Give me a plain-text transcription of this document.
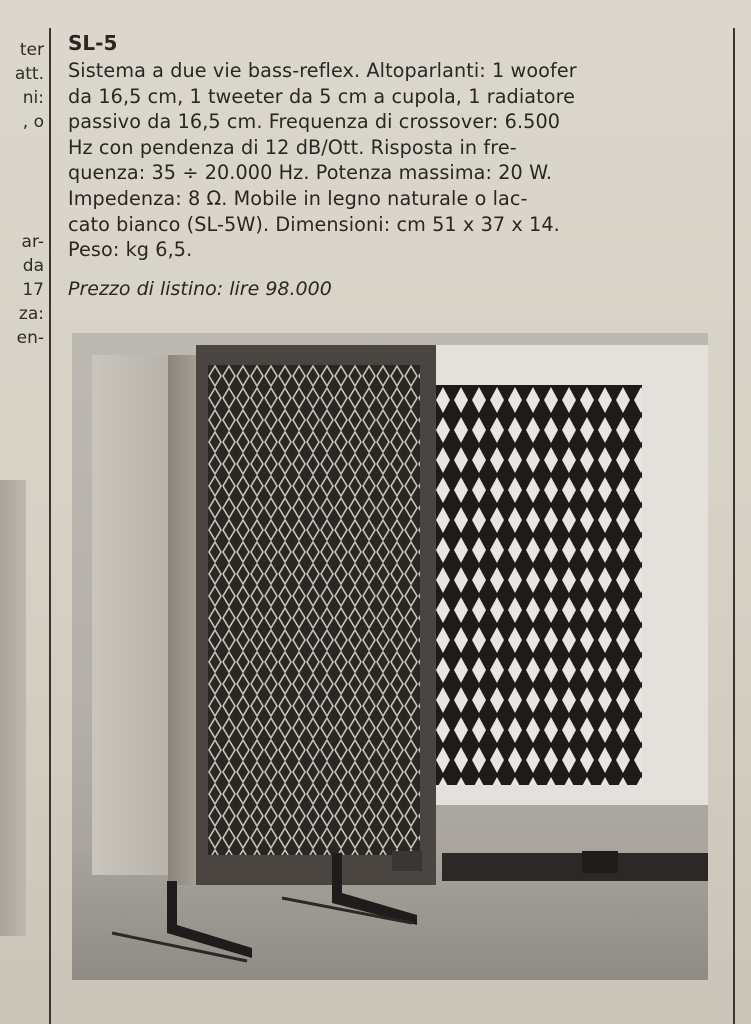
ter
att.
ni:
, o

ar-
da
17
za:
en-
SL-5
Sistema a due vie bass-reflex. Altoparlanti: 1 woofer
da 16,5 cm, 1 tweeter da 5 cm a cupola, 1 radiatore
passivo da 16,5 cm. Frequenza di crossover: 6.500
Hz con pendenza di 12 dB/Ott. Risposta in fre-
quenza: 35 ÷ 20.000 Hz. Potenza massima: 20 W.
Impedenza: 8 Ω. Mobile in legno naturale o lac-
cato bianco (SL-5W). Dimensioni: cm 51 x 37 x 14.
Peso: kg 6,5.
Prezzo di listino: lire 98.000
